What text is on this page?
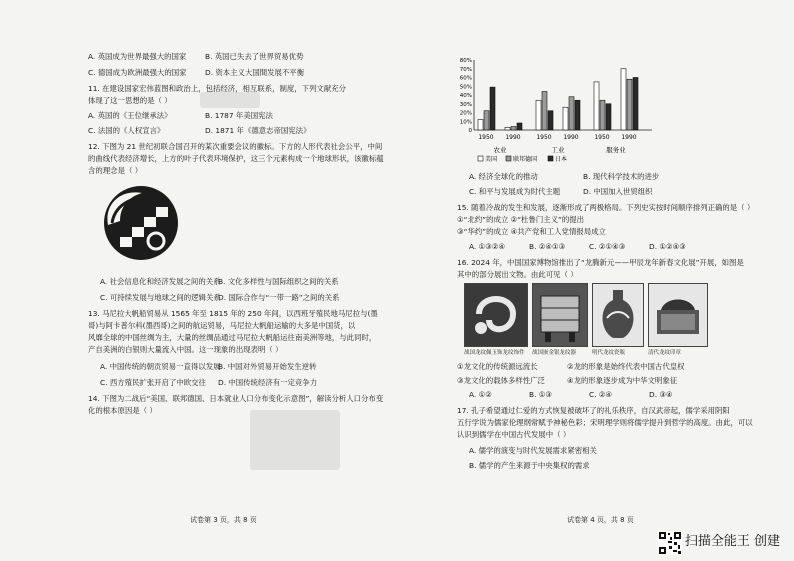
A. 英国成为世界最强大的国家	B. 英国已失去了世界贸易优势
C. 德国成为欧洲最强大的国家 D. 资本主义大国間发展不平衡
11. 在建设国家宏伟蓝图和政治上，包括经济，相互联系，制度，下列文献充分
体现了这一思想的是（ ）
A. 英国的《王位继承法》	B. 1787 年美国宪法
C. 法国的《人权宣言》	D. 1871 年《德意志帝国宪法》
12. 下图为 21 世纪初联合国召开的某次重要会议的徽标。下方的人形代表社会公平，中间
的曲线代表经济增长，上方的叶子代表环境保护，这三个元素构成一个地球形状，该徽标蕴
含的理念是（ ）
A. 社会信息化和经济发展之间的关系
B. 文化多样性与国际组织之间的关系
C. 可持续发展与地球之间的逻辑关系
D. 国际合作与“一带一路”之间的关系
13. 马尼拉大帆船贸易从 1565 年至 1815 年的 250 年间，以西班牙殖民地马尼拉与(墨
哥)与阿卡普尔科(墨西哥)之间的航运贸易，马尼拉大帆船运输的大多是中国货，以
风靡全球的中国丝绸为主，大量的丝绸品通过马尼拉大帆船运往南美洲等地，与此同时，
产自美洲的白银则大量流入中国。这一现象的出现表明（ ）
A. 中国传统的朝贡贸易一直得以发展
B. 中国对外贸易开始发生逆转
C. 西方殖民扩张开启了中欧交往 D. 中国传统经济有一定竞争力
14. 下图为二战后“美国、联邦德国、日本就业人口分布变化示意图”，解读分析人口分布变
化的根本原因是（ ）
试卷第 3 页，共 8 页
80%
70%
60%
50%
40%
30%
20%
10%
0
1950 1990	1950 1990	1950 1990
农业	工业	服务业
美国	联邦德国	日本
A. 经济全球化的推动	B. 现代科学技术的进步
C. 和平与发展成为时代主题	D. 中国加入世贸组织
15. 随着冷战的发生和发展，逐渐形成了两极格局。下列史实按时间顺序排列正确的是（ ）
①“北约”的成立 ②“杜鲁门主义”的提出
③“华约”的成立 ④共产党和工人党情报局成立
A. ①③②④	B. ②④①③	C. ②①④③	D. ①②④③
16. 2024 年，中国国家博物馆推出了“龙腾新元——甲辰龙年新春文化展”开展，如图是
其中的部分展出文物。由此可见（ ）
①龙文化的传统源远流长	②龙的形象是始终代表中国古代皇权
③龙文化的载体多样性广泛	④龙的形象逐步成为中华文明象征
A. ①②	B. ①③	C. ②④	D. ③④
17. 孔子希望通过仁爱的方式恢复被破坏了的礼乐秩序，自汉武帝起，儒学采用阴阳
五行学说为儒家伦理纲常赋予神秘色彩；宋明理学则将儒学提升到哲学的高度。由此，可以
认识到儒学在中国古代发展中（ ）
A. 儒学的演变与时代发展需求紧密相关
B. 儒学的产生来源于中央集权的需求
战国龙纹佩玉饰龙纹饰件 战国嵌金银龙纹器	明代龙纹瓷瓶	清代龙纹印章
试卷第 4 页，共 8 页
扫描全能王 创建
